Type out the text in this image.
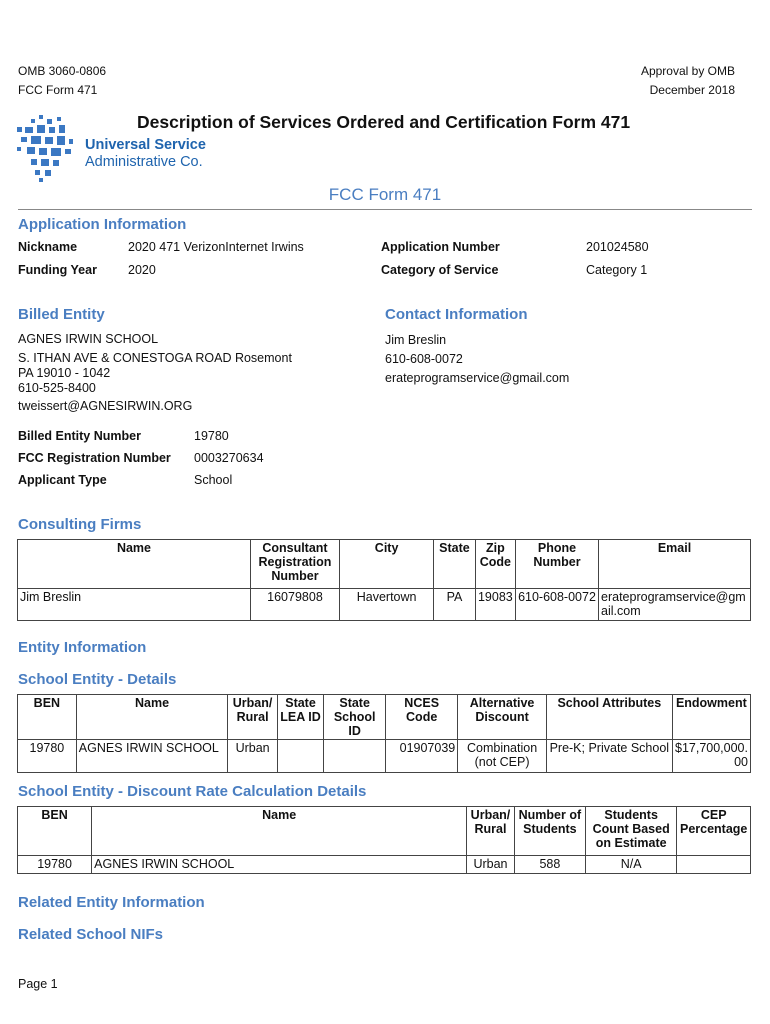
OMB 3060-0806
FCC Form 471
Approval by OMB
December 2018
Description of Services Ordered and Certification Form 471
Universal Service
Administrative Co.
FCC Form 471
Application Information
Nickname	2020 471 VerizonInternet Irwins	Application Number	201024580
Funding Year 2020	Category of Service	Category 1
Billed Entity
AGNES IRWIN SCHOOL
S. ITHAN AVE & CONESTOGA ROAD Rosemont
PA 19010 - 1042
610-525-8400
tweissert@AGNESIRWIN.ORG
Contact Information
Jim Breslin
610-608-0072
erateprogramservice@gmail.com
Billed Entity Number	19780
FCC Registration Number 0003270634
Applicant Type	School
Consulting Firms
Name	Consultant Registration Number	City	State	Zip Code	Phone Number	Email
Jim Breslin	16079808	Havertown	PA	19083	610-608-0072	erateprogramservice@gmail.com
Entity Information
School Entity - Details
BEN	Name	Urban/ Rural	State LEA ID	State School ID	NCES Code	Alternative Discount	School Attributes	Endowment
19780	AGNES IRWIN SCHOOL	Urban			01907039	Combination (not CEP)	Pre-K; Private School	$17,700,000.00
School Entity - Discount Rate Calculation Details
BEN	Name	Urban/ Rural	Number of Students	Students Count Based on Estimate	CEP Percentage
19780	AGNES IRWIN SCHOOL	Urban	588	N/A	
Related Entity Information
Related School NIFs
Page 1
